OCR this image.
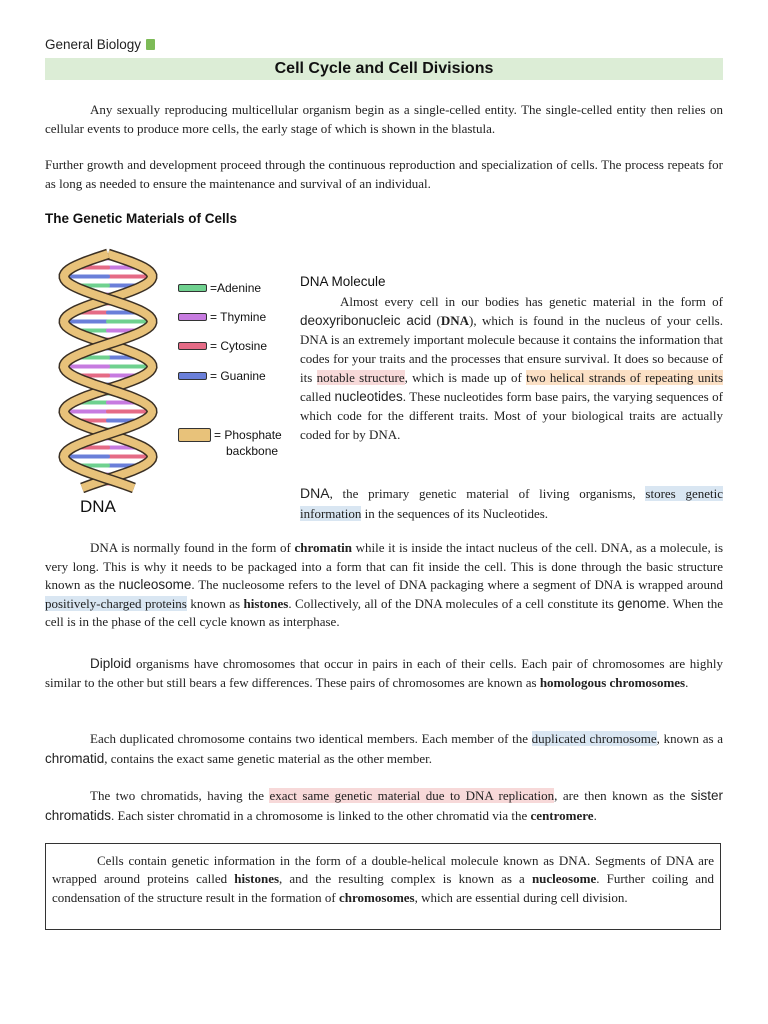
General Biology
Cell Cycle and Cell Divisions

Any sexually reproducing multicellular organism begin as a single-celled entity. The single-celled entity then relies on cellular events to produce more cells, the early stage of which is shown in the blastula.

Further growth and development proceed through the continuous reproduction and specialization of cells. The process repeats for as long as needed to ensure the maintenance and survival of an individual.

The Genetic Materials of Cells
=Adenine
= Thymine
= Cytosine
= Guanine
= Phosphate
backbone
DNA
DNA Molecule

Almost every cell in our bodies has genetic material in the form of deoxyribonucleic acid (DNA), which is found in the nucleus of your cells. DNA is an extremely important molecule because it contains the information that codes for your traits and the processes that ensure survival. It does so because of its notable structure, which is made up of two helical strands of repeating units called nucleotides. These nucleotides form base pairs, the varying sequences of which code for the different traits. Most of your biological traits are actually coded for by DNA.

DNA, the primary genetic material of living organisms, stores genetic information in the sequences of its Nucleotides.

DNA is normally found in the form of chromatin while it is inside the intact nucleus of the cell. DNA, as a molecule, is very long. This is why it needs to be packaged into a form that can fit inside the cell. This is done through the basic structure known as the nucleosome. The nucleosome refers to the level of DNA packaging where a segment of DNA is wrapped around positively-charged proteins known as histones. Collectively, all of the DNA molecules of a cell constitute its genome. When the cell is in the phase of the cell cycle known as interphase.

Diploid organisms have chromosomes that occur in pairs in each of their cells. Each pair of chromosomes are highly similar to the other but still bears a few differences. These pairs of chromosomes are known as homologous chromosomes.

Each duplicated chromosome contains two identical members. Each member of the duplicated chromosome, known as a chromatid, contains the exact same genetic material as the other member.

The two chromatids, having the exact same genetic material due to DNA replication, are then known as the sister chromatids. Each sister chromatid in a chromosome is linked to the other chromatid via the centromere.

Cells contain genetic information in the form of a double-helical molecule known as DNA. Segments of DNA are wrapped around proteins called histones, and the resulting complex is known as a nucleosome. Further coiling and condensation of the structure result in the formation of chromosomes, which are essential during cell division.
